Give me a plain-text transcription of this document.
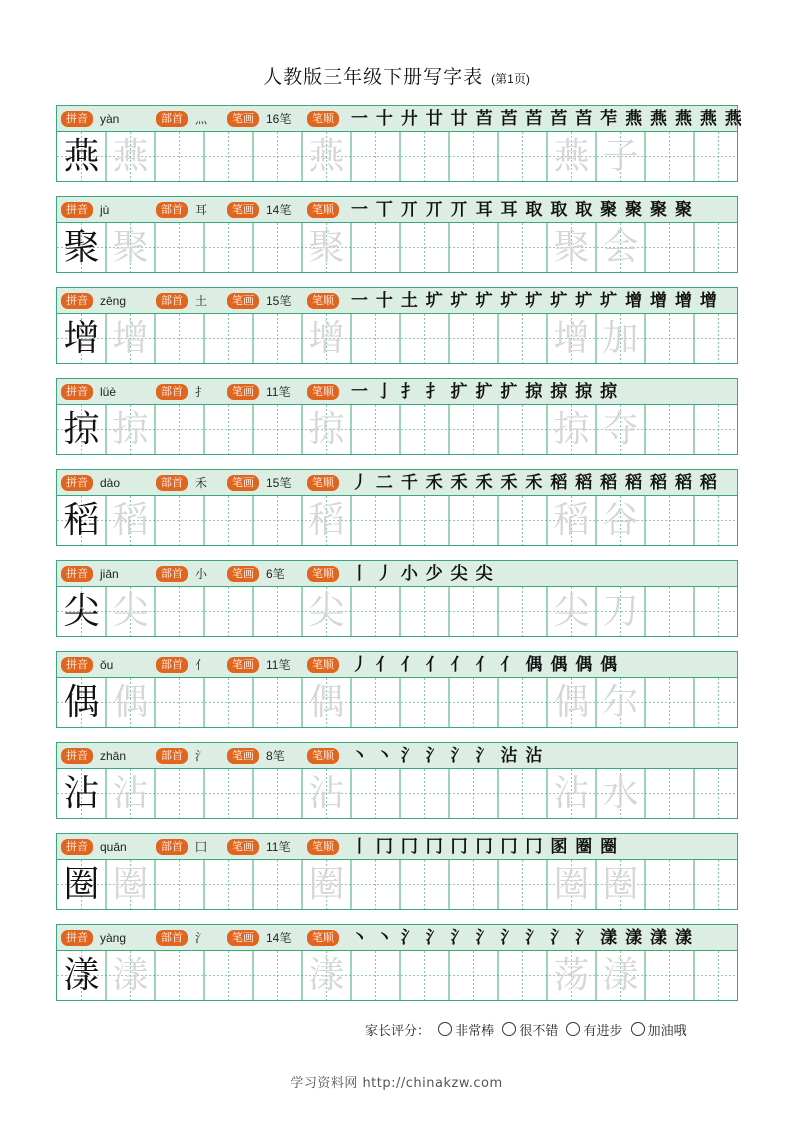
人教版三年级下册写字表 (第1页)
拼音	yàn	部首	灬	笔画	16笔	笔顺 一 十 廾 廿 廿 苩 苩 苩 苩 苩 苲 燕 燕 燕 燕 燕
燕 燕	燕	燕 子
拼音	jù	部首	耳	笔画	14笔	笔顺 一 丅 丌 丌 丌 耳 耳 取 取 取 聚 聚 聚 聚
聚 聚	聚	聚 会
拼音	zēng	部首	土	笔画	15笔	笔顺 一 十 土 圹 圹 圹 圹 圹 圹 圹 圹 增 增 增 增
增 增	增	增 加
拼音	lüè	部首	扌	笔画	11笔	笔顺 一 亅 扌 扌 扩 扩 扩 掠 掠 掠 掠
掠 掠	掠	掠 夺
拼音	dào	部首	禾	笔画	15笔	笔顺 丿 二 千 禾 禾 禾 禾 禾 稻 稻 稻 稻 稻 稻 稻
稻 稻	稻	稻 谷
拼音	jiān	部首	小	笔画	6笔	笔顺 丨 丿 小 少 尖 尖
尖 尖	尖	尖 刀
拼音	ǒu	部首	亻	笔画	11笔	笔顺 丿 亻 亻 亻 亻 亻 亻 偶 偶 偶 偶
偶 偶	偶	偶 尔
拼音	zhān	部首	氵	笔画	8笔	笔顺 丶 丶 氵 氵 氵 氵 沾 沾
沾 沾	沾	沾 水
拼音	quān	部首	囗	笔画	11笔	笔顺 丨 冂 冂 冂 冂 冂 冂 冂 圂 圈 圈
圈 圈	圈	圈 圈
拼音	yàng	部首	氵	笔画	14笔	笔顺 丶 丶 氵 氵 氵 氵 氵 氵 氵 氵 漾 漾 漾 漾
漾 漾	漾	荡 漾
家长评分： 非常棒 很不错 有进步 加油哦
学习资料网 http://chinakzw.com
